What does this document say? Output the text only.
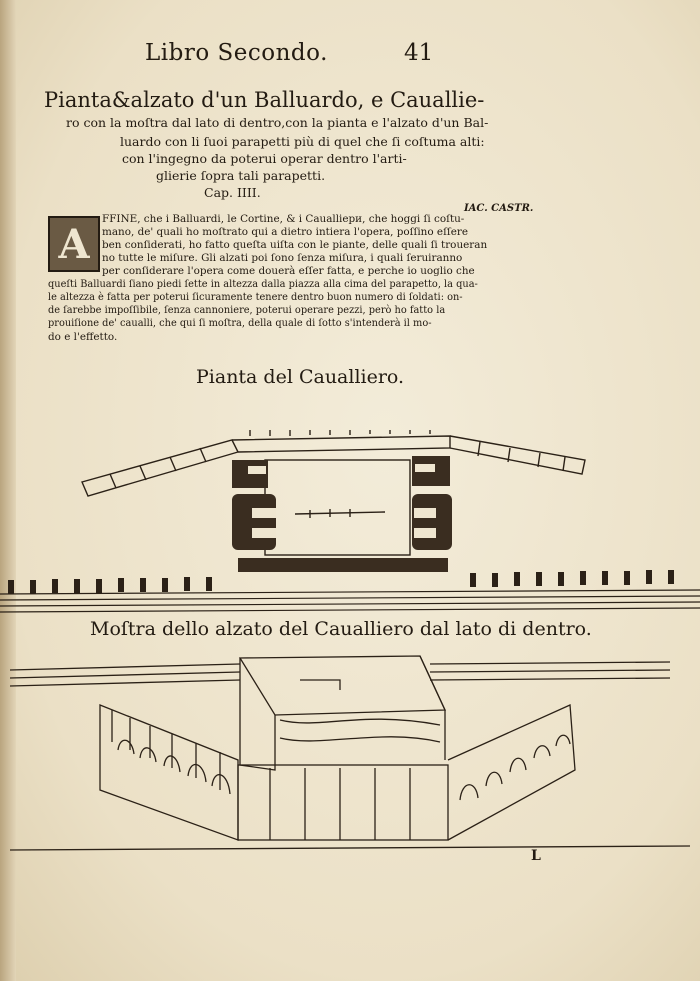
Libro Secondo.	41
Pianta&alzato d'un Balluardo, e Cauallie-
ro con la moſtra dal lato di dentro,con la pianta e l'alzato d'un Bal-
luardo con li ſuoi parapetti più di quel che ſi coſtuma alti:
con l'ingegno da poterui operar dentro l'arti-
glierie ſopra tali parapetti.
Cap. IIII.
A
IAC. CASTR.
FFINE, che i Balluardi, le Cortine, & i Caualliери, che hoggi ſi coſtu-
mano, de' quali ho moſtrato qui a dietro intiera l'opera, poſſino eſſere
ben conſiderati, ho fatto queſta uiſta con le piante, delle quali ſi troueran
no tutte le miſure. Gli alzati poi ſono ſenza miſura, i quali ſeruiranno
per conſiderare l'opera come douerà eſſer fatta, e perche io uoglio che
queſti Balluardi ſiano piedi ſette in altezza dalla piazza alla cima del parapetto, la qua-
le altezza è fatta per poterui ſicuramente tenere dentro buon numero di ſoldati: on-
de ſarebbe impoſſibile, ſenza cannoniere, poterui operare pezzi, però ho fatto la
prouiſione de' caualli, che qui ſi moſtra, della quale di ſotto s'intenderà il mo-
do e l'effetto.
Pianta del Caualliero.
Moſtra dello alzato del Caualliero dal lato di dentro.
L
